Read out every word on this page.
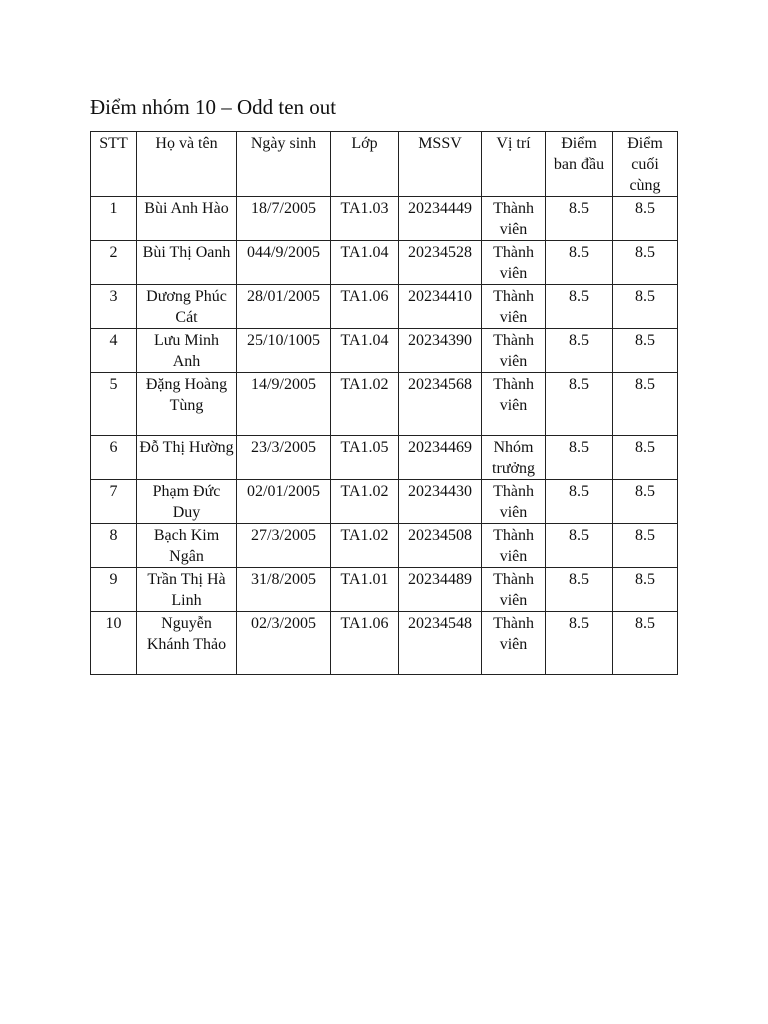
Điểm nhóm 10 – Odd ten out
STT	Họ và tên	Ngày sinh	Lớp	MSSV	Vị trí	Điểm ban đầu	Điểm cuối cùng
1	Bùi Anh Hào	18/7/2005	TA1.03	20234449	Thành viên	8.5	8.5
2	Bùi Thị Oanh	044/9/2005	TA1.04	20234528	Thành viên	8.5	8.5
3	Dương Phúc Cát	28/01/2005	TA1.06	20234410	Thành viên	8.5	8.5
4	Lưu Minh Anh	25/10/1005	TA1.04	20234390	Thành viên	8.5	8.5
5	Đặng Hoàng Tùng	14/9/2005	TA1.02	20234568	Thành viên	8.5	8.5
6	Đỗ Thị Hường	23/3/2005	TA1.05	20234469	Nhóm trưởng	8.5	8.5
7	Phạm Đức Duy	02/01/2005	TA1.02	20234430	Thành viên	8.5	8.5
8	Bạch Kim Ngân	27/3/2005	TA1.02	20234508	Thành viên	8.5	8.5
9	Trần Thị Hà Linh	31/8/2005	TA1.01	20234489	Thành viên	8.5	8.5
10	Nguyễn Khánh Thảo	02/3/2005	TA1.06	20234548	Thành viên	8.5	8.5
